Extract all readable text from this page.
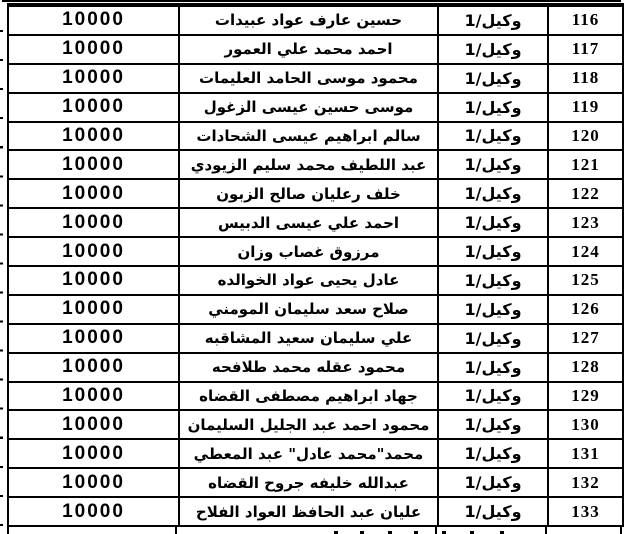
10000	حسين عارف عواد عبيدات	وكيل/1	116
10000	احمد محمد علي العمور	وكيل/1	117
10000	محمود موسى الحامد العليمات	وكيل/1	118
10000	موسى حسين عيسى الزغول	وكيل/1	119
10000	سالم ابراهيم عيسى الشحادات	وكيل/1	120
10000	عبد اللطيف محمد سليم الزيودي	وكيل/1	121
10000	خلف رعليان صالح الزبون	وكيل/1	122
10000	احمد علي عيسى الدبيس	وكيل/1	123
10000	مرزوق غصاب وزان	وكيل/1	124
10000	عادل يحيى عواد الخوالده	وكيل/1	125
10000	صلاح سعد سليمان المومني	وكيل/1	126
10000	علي سليمان سعيد المشاقبه	وكيل/1	127
10000	محمود عقله محمد طلافحه	وكيل/1	128
10000	جهاد ابراهيم مصطفى القضاه	وكيل/1	129
10000	محمود احمد عبد الجليل السليمان	وكيل/1	130
10000	محمد"محمد عادل" عبد المعطي	وكيل/1	131
10000	عبدالله خليفه جروح القضاه	وكيل/1	132
10000	عليان عبد الحافظ العواد الفلاح	وكيل/1	133
